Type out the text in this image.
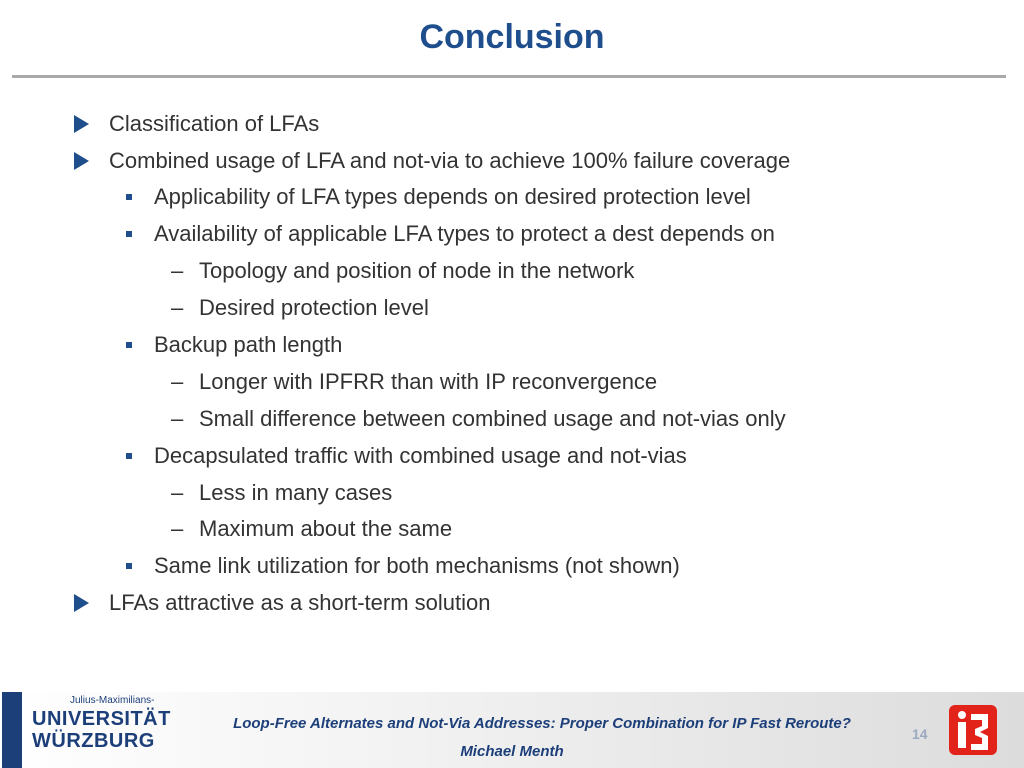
Conclusion
Classification of LFAs
Combined usage of LFA and not-via to achieve 100% failure coverage
Applicability of LFA types depends on desired protection level
Availability of applicable LFA types to protect a dest depends on
– Topology and position of node in the network
– Desired protection level
Backup path length
– Longer with IPFRR than with IP reconvergence
– Small difference between combined usage and not-vias only
Decapsulated traffic with combined usage and not-vias
– Less in many cases
– Maximum about the same
Same link utilization for both mechanisms (not shown)
LFAs attractive as a short-term solution
Julius-Maximilians-
UNIVERSITÄT
WÜRZBURG
Loop-Free Alternates and Not-Via Addresses: Proper Combination for IP Fast Reroute?
Michael Menth
14
i3
